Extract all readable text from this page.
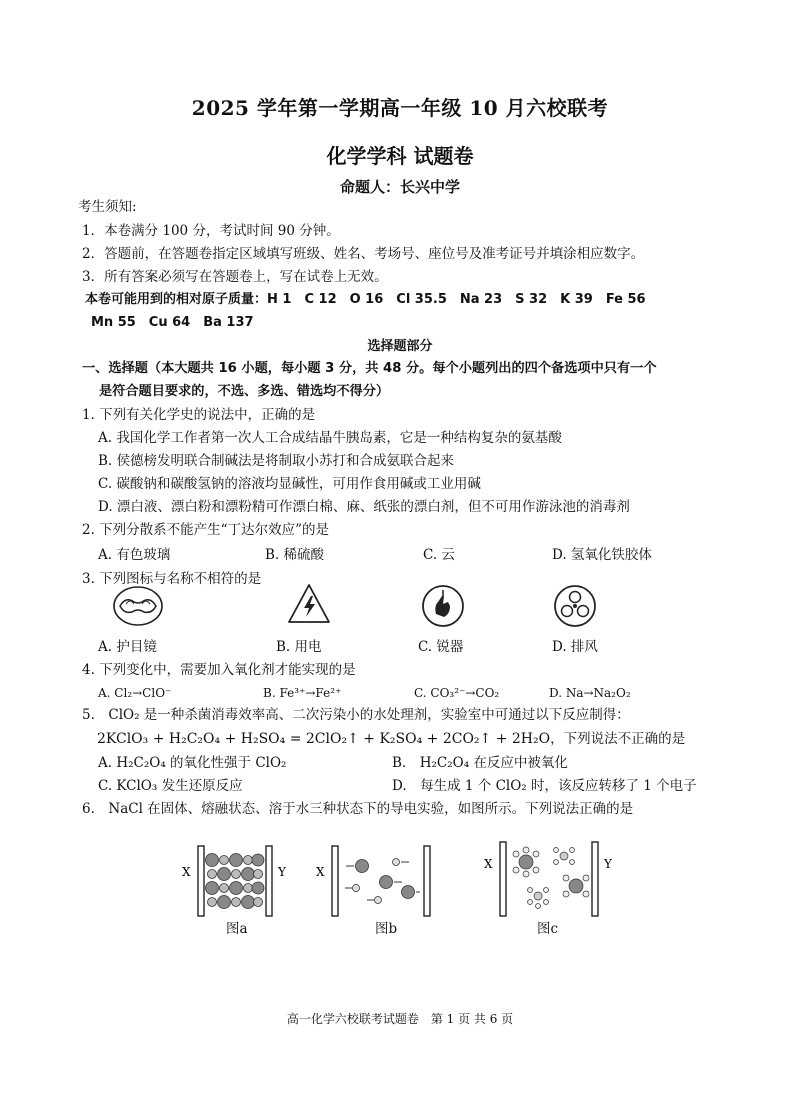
2025 学年第一学期高一年级 10 月六校联考
化学学科 试题卷
命题人：长兴中学
考生须知:
1．本卷满分 100 分，考试时间 90 分钟。
2．答题前，在答题卷指定区域填写班级、姓名、考场号、座位号及准考证号并填涂相应数字。
3．所有答案必须写在答题卷上，写在试卷上无效。
本卷可能用到的相对原子质量：H 1　C 12　O 16　Cl 35.5　Na 23　S 32　K 39　Fe 56
Mn 55　Cu 64　Ba 137
选择题部分
一、选择题（本大题共 16 小题，每小题 3 分，共 48 分。每个小题列出的四个备选项中只有一个
是符合题目要求的，不选、多选、错选均不得分）
1. 下列有关化学史的说法中，正确的是
A. 我国化学工作者第一次人工合成结晶牛胰岛素，它是一种结构复杂的氨基酸
B. 侯德榜发明联合制碱法是将制取小苏打和合成氨联合起来
C. 碳酸钠和碳酸氢钠的溶液均显碱性，可用作食用碱或工业用碱
D. 漂白液、漂白粉和漂粉精可作漂白棉、麻、纸张的漂白剂，但不可用作游泳池的消毒剂
2. 下列分散系不能产生“丁达尔效应”的是
A. 有色玻璃	B. 稀硫酸	C. 云	D. 氢氧化铁胶体
3. 下列图标与名称不相符的是
A. 护目镜	B. 用电	C. 锐器	D. 排风
4. 下列变化中，需要加入氧化剂才能实现的是
A. Cl₂→ClO⁻	B. Fe³⁺→Fe²⁺	C. CO₃²⁻→CO₂	D. Na→Na₂O₂
5.　ClO₂ 是一种杀菌消毒效率高、二次污染小的水处理剂，实验室中可通过以下反应制得：
2KClO₃ + H₂C₂O₄ + H₂SO₄ = 2ClO₂↑ + K₂SO₄ + 2CO₂↑ + 2H₂O，下列说法不正确的是
A. H₂C₂O₄ 的氧化性强于 ClO₂	B.　H₂C₂O₄ 在反应中被氧化
C. KClO₃ 发生还原反应	D.　每生成 1 个 ClO₂ 时，该反应转移了 1 个电子
6.　NaCl 在固体、熔融状态、溶于水三种状态下的导电实验，如图所示。下列说法正确的是
X	Y
图a
X
图b
X	Y
图c
高一化学六校联考试题卷　第 1 页 共 6 页
